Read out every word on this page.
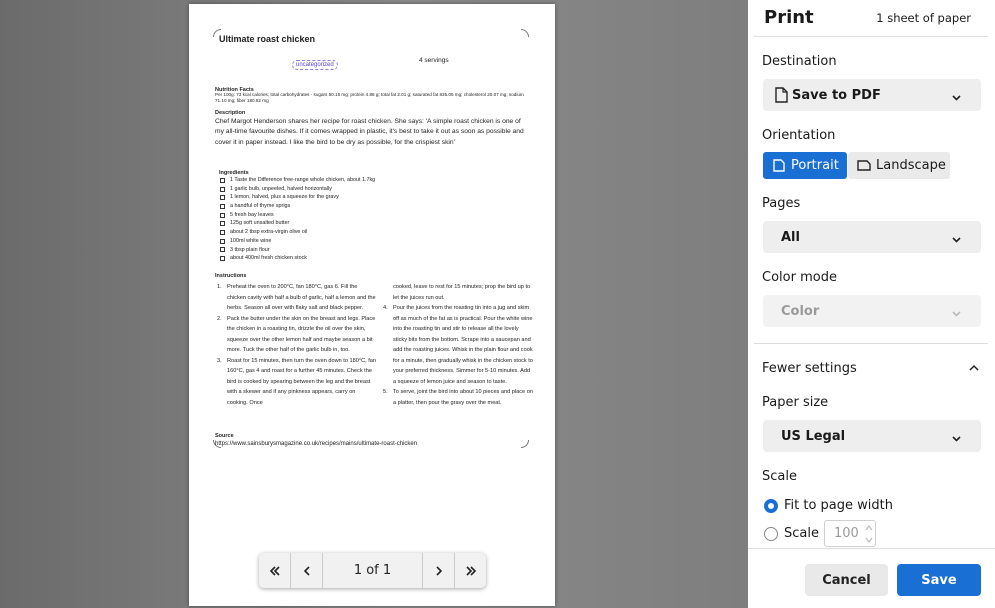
Ultimate roast chicken
uncategorized
4 servings
Nutrition Facts
Per 100g: 73 kcal calories; total carbohydrates - sugars 50.15 mg; protein 4.86 g; total fat 2.01 g; saturated fat 835.05 mg; cholesterol 20.07 mg; sodium 71.10 mg; fiber 180.82 mg
Description
Chef Margot Henderson shares her recipe for roast chicken. She says: 'A simple roast chicken is one of my all-time favourite dishes. If it comes wrapped in plastic, it's best to take it out as soon as possible and cover it in paper instead. I like the bird to be dry as possible, for the crispiest skin'
Ingredients
1 Taste the Difference free-range whole chicken, about 1.7kg
1 garlic bulb, unpeeled, halved horizontally
1 lemon, halved, plus a squeeze for the gravy
a handful of thyme sprigs
5 fresh bay leaves
125g soft unsalted butter
about 2 tbsp extra-virgin olive oil
100ml white wine
3 tbsp plain flour
about 400ml fresh chicken stock
Instructions
1. Preheat the oven to 200°C, fan 180°C, gas 6. Fill the chicken cavity with half a bulb of garlic, half a lemon and the herbs. Season all over with flaky salt and black pepper.
2. Pack the butter under the skin on the breast and legs. Place the chicken in a roasting tin, drizzle the oil over the skin, squeeze over the other lemon half and maybe season a bit more. Tuck the other half of the garlic bulb in, too.
3. Roast for 15 minutes, then turn the oven down to 180°C, fan 160°C, gas 4 and roast for a further 45 minutes. Check the bird is cooked by spearing between the leg and the breast with a skewer and if any pinkness appears, carry on cooking. Once
cooked, leave to rest for 15 minutes; prop the bird up to let the juices run out.
4. Pour the juices from the roasting tin into a jug and skim off as much of the fat as is practical. Pour the white wine into the roasting tin and stir to release all the lovely sticky bits from the bottom. Scrape into a saucepan and add the roasting juices. Whisk in the plain flour and cook for a minute, then gradually whisk in the chicken stock to your preferred thickness. Simmer for 5-10 minutes. Add a squeeze of lemon juice and season to taste.
5. To serve, joint the bird into about 10 pieces and place on a platter, then pour the gravy over the meat.
Source
https://www.sainsburysmagazine.co.uk/recipes/mains/ultimate-roast-chicken
1 of 1
Print	1 sheet of paper
Destination
Save to PDF
Orientation
Portrait	Landscape
Pages
All
Color mode
Color
Fewer settings
Paper size
US Legal
Scale
Fit to page width
Scale 100
Cancel	Save
